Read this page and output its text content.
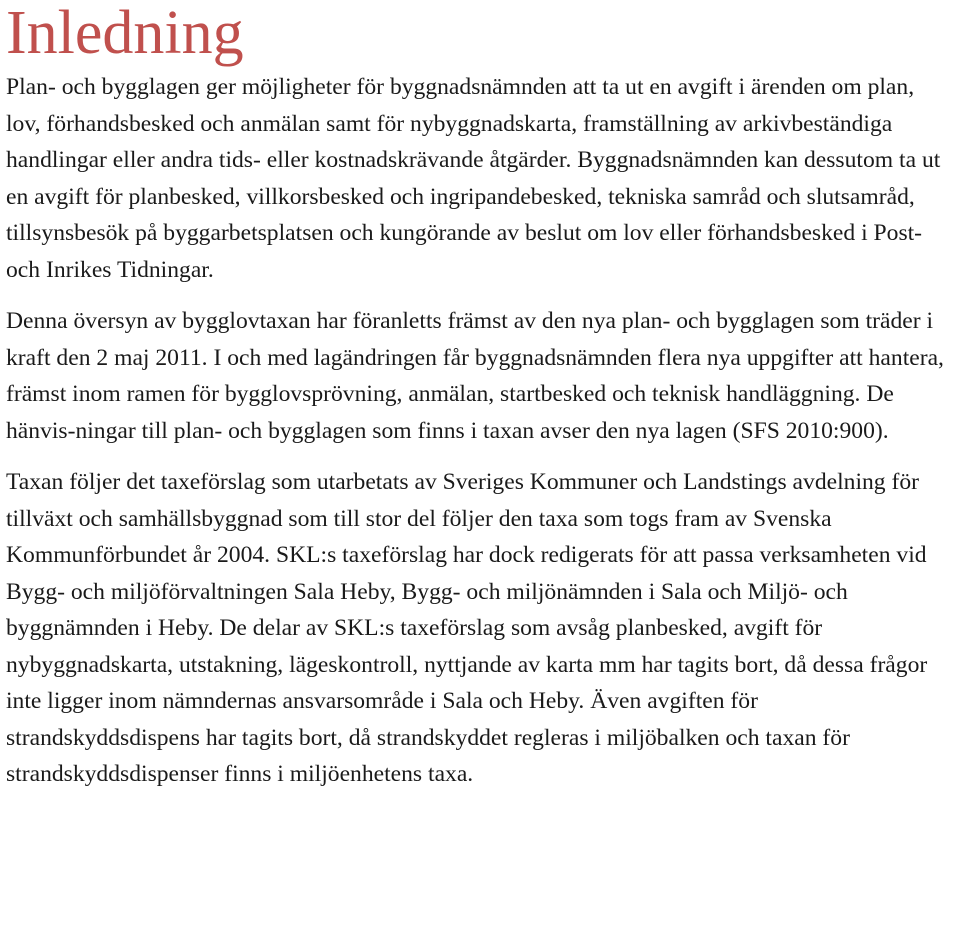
Inledning

Plan- och bygglagen ger möjligheter för byggnadsnämnden att ta ut en avgift i ärenden om plan, lov, förhandsbesked och anmälan samt för nybyggnadskarta, framställning av arkivbeständiga handlingar eller andra tids- eller kostnadskrävande åtgärder. Byggnadsnämnden kan dessutom ta ut en avgift för planbesked, villkorsbesked och ingripandebesked, tekniska samråd och slutsamråd, tillsynsbesök på byggarbetsplatsen och kungörande av beslut om lov eller förhandsbesked i Post- och Inrikes Tidningar.

Denna översyn av bygglovtaxan har föranletts främst av den nya plan- och bygglagen som träder i kraft den 2 maj 2011. I och med lagändringen får byggnadsnämnden flera nya uppgifter att hantera, främst inom ramen för bygglovsprövning, anmälan, startbesked och teknisk handläggning. De hänvis-ningar till plan- och bygglagen som finns i taxan avser den nya lagen (SFS 2010:900).

Taxan följer det taxeförslag som utarbetats av Sveriges Kommuner och Landstings avdelning för tillväxt och samhällsbyggnad som till stor del följer den taxa som togs fram av Svenska Kommunförbundet år 2004. SKL:s taxeförslag har dock redigerats för att passa verksamheten vid Bygg- och miljöförvaltningen Sala Heby, Bygg- och miljönämnden i Sala och Miljö- och byggnämnden i Heby. De delar av SKL:s taxeförslag som avsåg planbesked, avgift för nybyggnadskarta, utstakning, lägeskontroll, nyttjande av karta mm har tagits bort, då dessa frågor inte ligger inom nämndernas ansvarsområde i Sala och Heby. Även avgiften för strandskyddsdispens har tagits bort, då strandskyddet regleras i miljöbalken och taxan för strandskyddsdispenser finns i miljöenhetens taxa.
